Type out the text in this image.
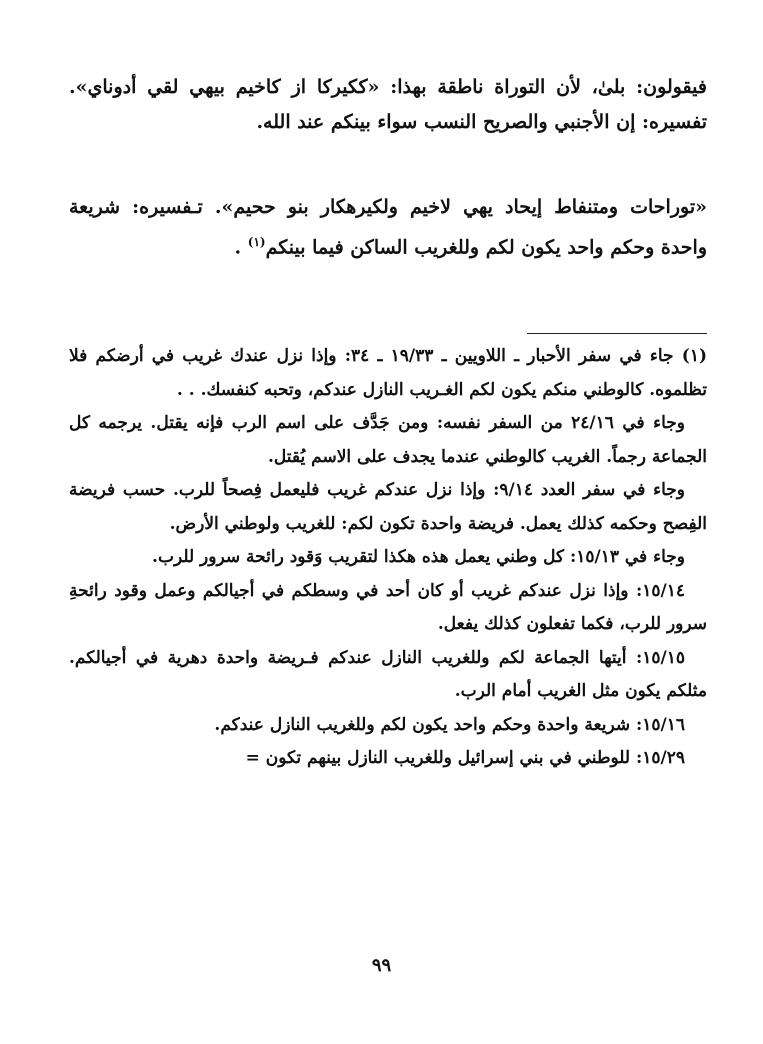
فيقولون: بلىٰ، لأن التوراة ناطقة بهذا: «ككيركا از كاخيم بيهي لقي أدوناي». تفسيره: إن الأجنبي والصريح النسب سواء بينكم عند الله.

«توراحات ومتنفاط إيحاد يهي لاخيم ولكيرهكار بنو ححيم». تـفسيره: شريعة واحدة وحكم واحد يكون لكم وللغريب الساكن فيما بينكم$^{(١)}$ .

(١) جاء في سفر الأحبار ـ اللاويين ـ ١٩/٣٣ ـ ٣٤: وإذا نزل عندك غريب في أرضكم فلا تظلموه. كالوطني منكم يكون لكم الغـريب النازل عندكم، وتحبه كنفسك. . .

وجاء في ٢٤/١٦ من السفر نفسه: ومن جَدَّف على اسم الرب فإنه يقتل. يرجمه كل الجماعة رجماً. الغريب كالوطني عندما يجدف على الاسم يُقتل.

وجاء في سفر العدد ٩/١٤: وإذا نزل عندكم غريب فليعمل فِصحاً للرب. حسب فريضة الفِصح وحكمه كذلك يعمل. فريضة واحدة تكون لكم: للغريب ولوطني الأرض.

وجاء في ١٥/١٣: كل وطني يعمل هذه هكذا لتقريب وَقود رائحة سرور للرب.

١٥/١٤: وإذا نزل عندكم غريب أو كان أحد في وسطكم في أجيالكم وعمل وقود رائحةِ سرور للرب، فكما تفعلون كذلك يفعل.

١٥/١٥: أيتها الجماعة لكم وللغريب النازل عندكم فـريضة واحدة دهرية في أجيالكم. مثلكم يكون مثل الغريب أمام الرب.

١٥/١٦: شريعة واحدة وحكم واحد يكون لكم وللغريب النازل عندكم.

١٥/٢٩: للوطني في بني إسرائيل وللغريب النازل بينهم تكون =

٩٩
